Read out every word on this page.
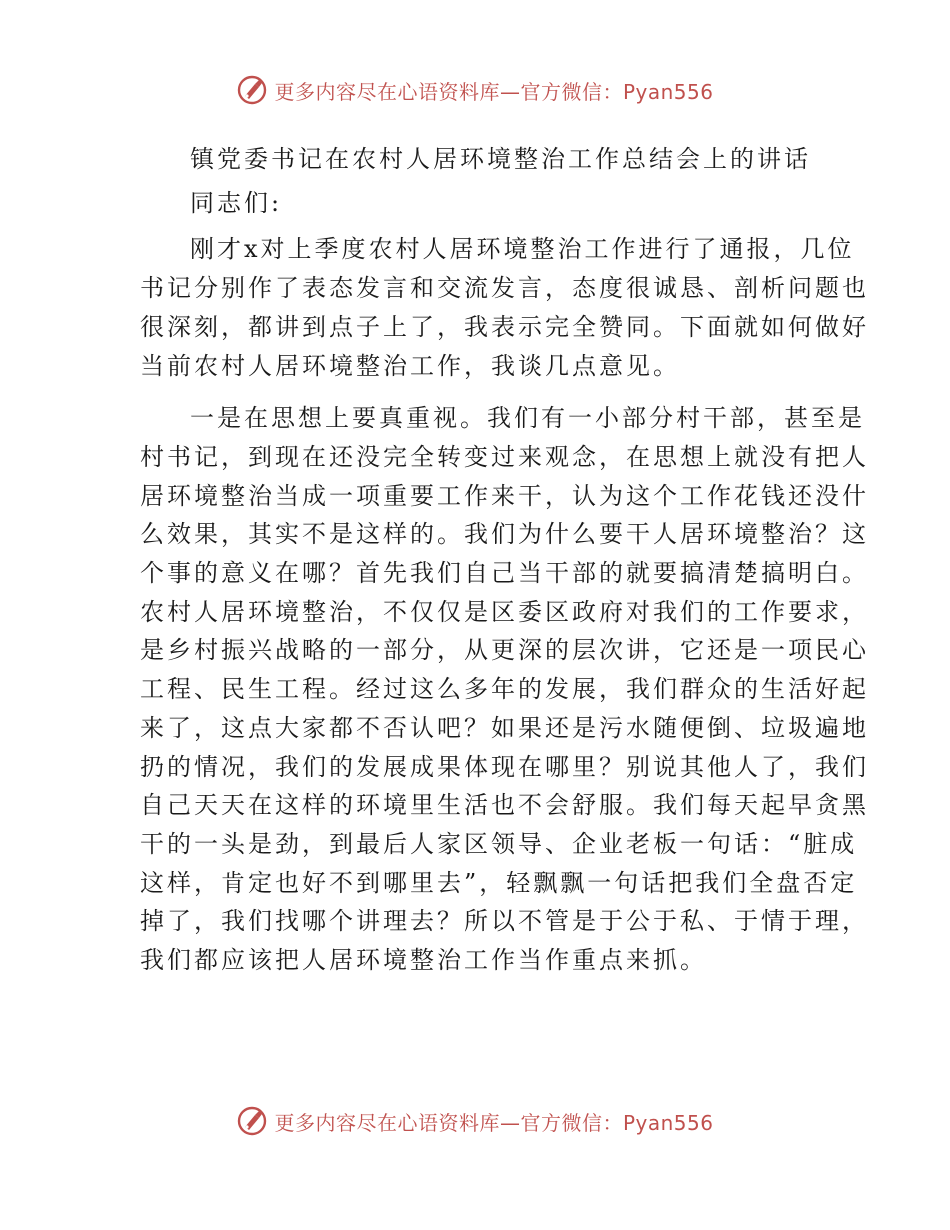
更多内容尽在心语资料库—官方微信：Pyan556
镇党委书记在农村人居环境整治工作总结会上的讲话
同志们:
刚才x对上季度农村人居环境整治工作进行了通报，几位
书记分别作了表态发言和交流发言，态度很诚恳、剖析问题也
很深刻，都讲到点子上了，我表示完全赞同。下面就如何做好
当前农村人居环境整治工作，我谈几点意见。
一是在思想上要真重视。我们有一小部分村干部，甚至是
村书记，到现在还没完全转变过来观念，在思想上就没有把人
居环境整治当成一项重要工作来干，认为这个工作花钱还没什
么效果，其实不是这样的。我们为什么要干人居环境整治？这
个事的意义在哪？首先我们自己当干部的就要搞清楚搞明白。
农村人居环境整治，不仅仅是区委区政府对我们的工作要求，
是乡村振兴战略的一部分，从更深的层次讲，它还是一项民心
工程、民生工程。经过这么多年的发展，我们群众的生活好起
来了，这点大家都不否认吧？如果还是污水随便倒、垃圾遍地
扔的情况，我们的发展成果体现在哪里？别说其他人了，我们
自己天天在这样的环境里生活也不会舒服。我们每天起早贪黑
干的一头是劲，到最后人家区领导、企业老板一句话：“脏成
这样，肯定也好不到哪里去”，轻飘飘一句话把我们全盘否定
掉了，我们找哪个讲理去？所以不管是于公于私、于情于理，
我们都应该把人居环境整治工作当作重点来抓。
更多内容尽在心语资料库—官方微信：Pyan556
